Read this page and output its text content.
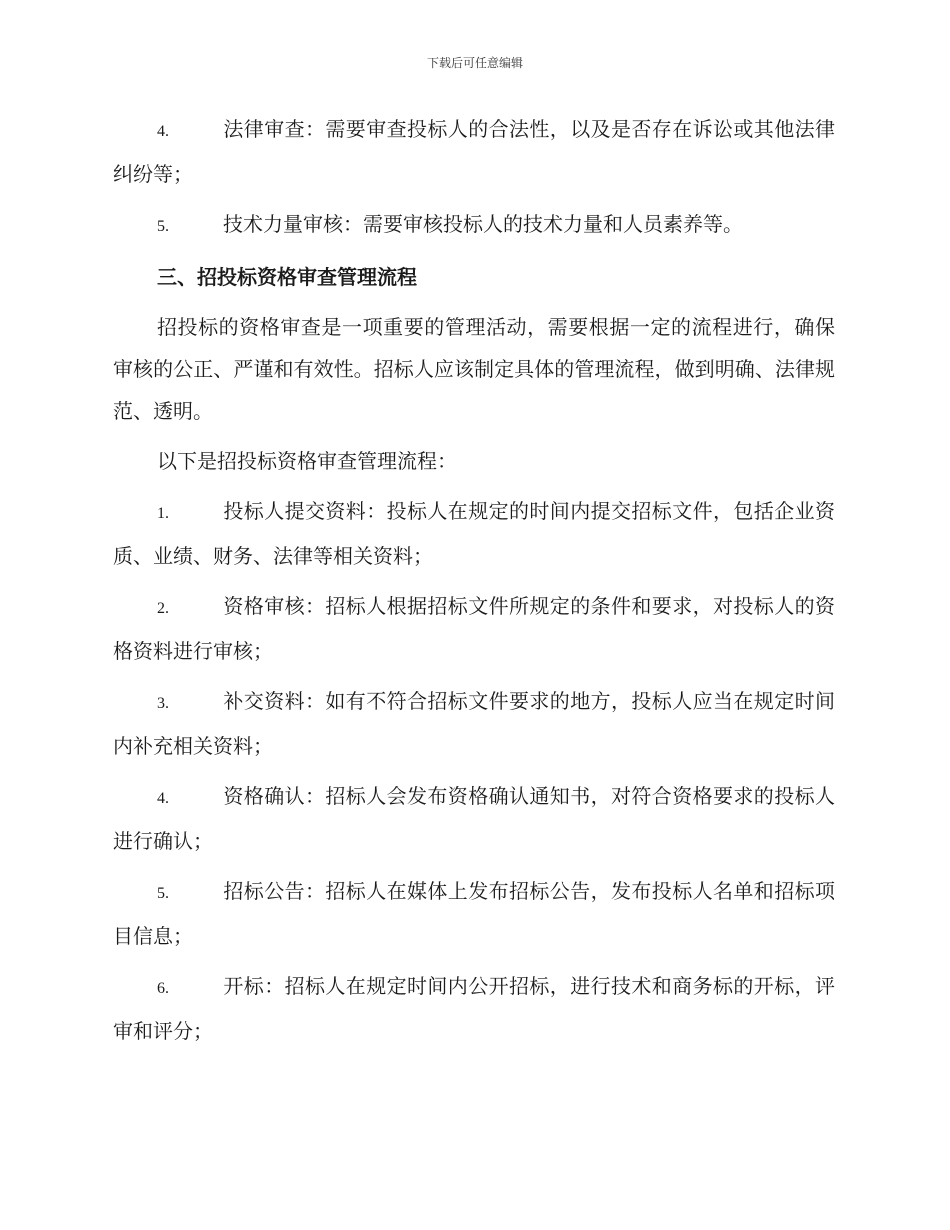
下载后可任意编辑

4.	法律审查：需要审查投标人的合法性，以及是否存在诉讼或其他法律纠纷等；

5.	技术力量审核：需要审核投标人的技术力量和人员素养等。

三、招投标资格审查管理流程

招投标的资格审查是一项重要的管理活动，需要根据一定的流程进行，确保审核的公正、严谨和有效性。招标人应该制定具体的管理流程，做到明确、法律规范、透明。

以下是招投标资格审查管理流程：

1.	投标人提交资料：投标人在规定的时间内提交招标文件，包括企业资质、业绩、财务、法律等相关资料；

2.	资格审核：招标人根据招标文件所规定的条件和要求，对投标人的资格资料进行审核；

3.	补交资料：如有不符合招标文件要求的地方，投标人应当在规定时间内补充相关资料；

4.	资格确认：招标人会发布资格确认通知书，对符合资格要求的投标人进行确认；

5.	招标公告：招标人在媒体上发布招标公告，发布投标人名单和招标项目信息；

6.	开标：招标人在规定时间内公开招标，进行技术和商务标的开标，评审和评分；
